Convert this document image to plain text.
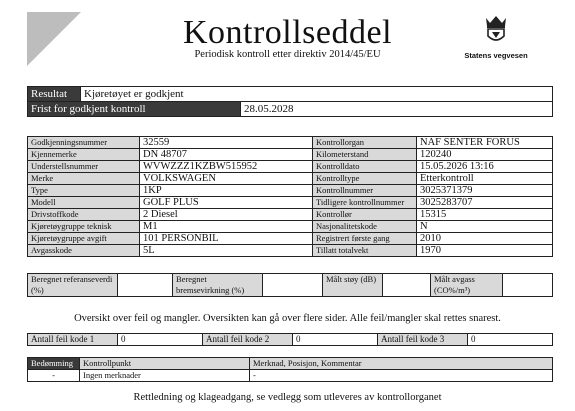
Kontrollseddel
Periodisk kontroll etter direktiv 2014/45/EU	Statens vegvesen
Resultat	Kjøretøyet er godkjent	
Frist for godkjent kontroll		28.05.2028
Godkjenningsnummer	32559	Kontrollorgan	NAF SENTER FORUS
Kjennemerke	DN 48707	Kilometerstand	120240
Understellsnummer	WVWZZZ1KZBW515952	Kontrolldato	15.05.2026 13:16
Merke	VOLKSWAGEN	Kontrolltype	Etterkontroll
Type	1KP	Kontrollnummer	3025371379
Modell	GOLF PLUS	Tidligere kontrollnummer	3025283707
Drivstoffkode	2 Diesel	Kontrollør	15315
Kjøretøygruppe teknisk	M1	Nasjonalitetskode	N
Kjøretøygruppe avgift	101 PERSONBIL	Registrert første gang	2010
Avgasskode	5L	Tillatt totalvekt	1970
Beregnet referanseverdi (%)		Beregnet bremsevirkning (%)		Målt støy (dB)		Målt avgass (CO%/m³)	
Oversikt over feil og mangler. Oversikten kan gå over flere sider. Alle feil/mangler skal rettes snarest.
Antall feil kode 1	0	Antall feil kode 2	0	Antall feil kode 3	0
Bedømming	Kontrollpunkt	Merknad, Posisjon, Kommentar
-	Ingen merknader	-
Rettledning og klageadgang, se vedlegg som utleveres av kontrollorganet
